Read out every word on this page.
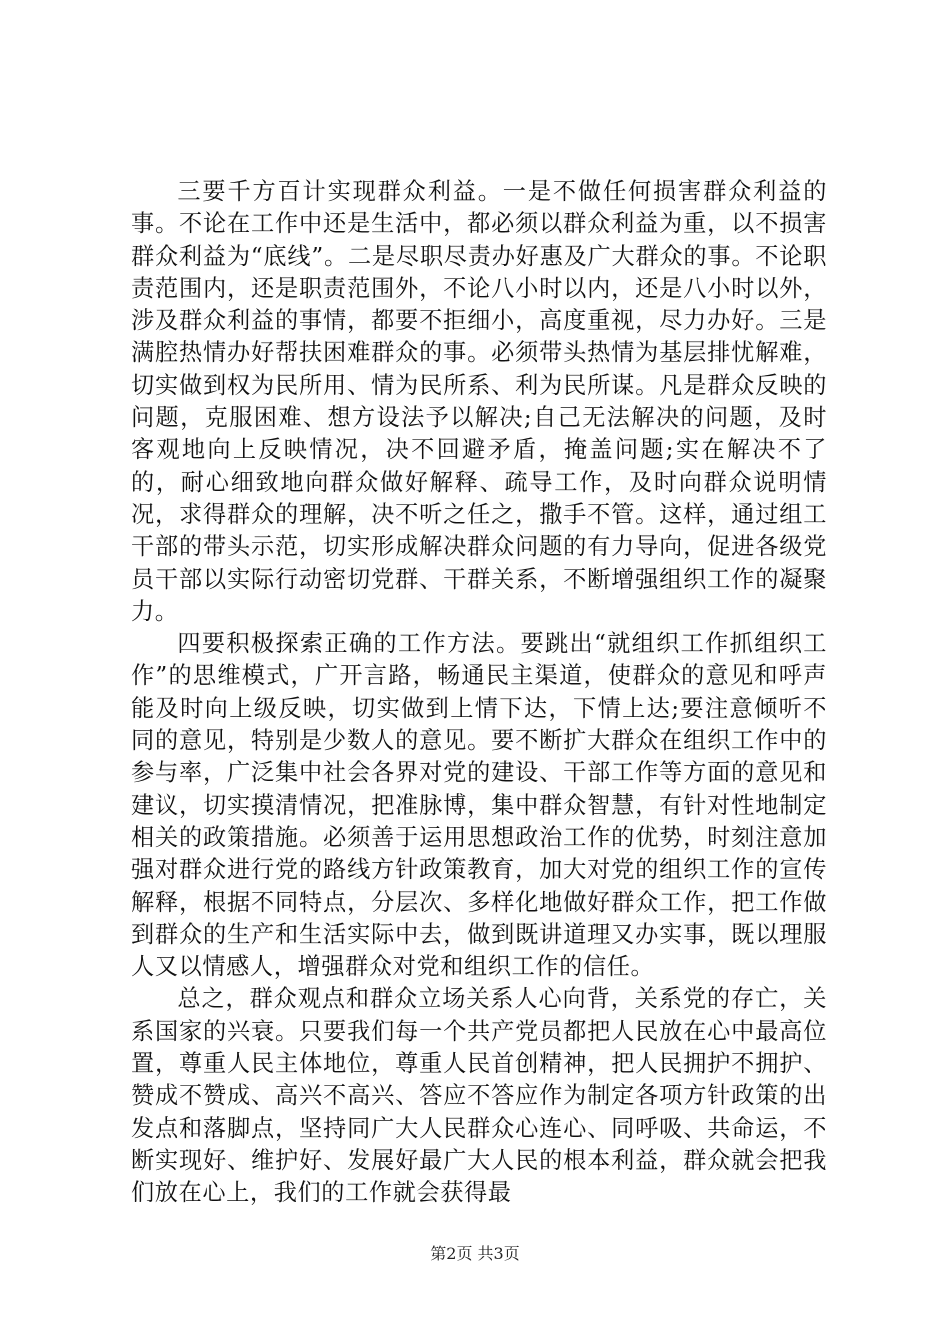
三要千方百计实现群众利益。一是不做任何损害群众利益的事。不论在工作中还是生活中，都必须以群众利益为重，以不损害群众利益为“底线”。二是尽职尽责办好惠及广大群众的事。不论职责范围内，还是职责范围外，不论八小时以内，还是八小时以外，涉及群众利益的事情，都要不拒细小，高度重视，尽力办好。三是满腔热情办好帮扶困难群众的事。必须带头热情为基层排忧解难，切实做到权为民所用、情为民所系、利为民所谋。凡是群众反映的问题，克服困难、想方设法予以解决;自己无法解决的问题，及时客观地向上反映情况，决不回避矛盾，掩盖问题;实在解决不了的，耐心细致地向群众做好解释、疏导工作，及时向群众说明情况，求得群众的理解，决不听之任之，撒手不管。这样，通过组工干部的带头示范，切实形成解决群众问题的有力导向，促进各级党员干部以实际行动密切党群、干群关系，不断增强组织工作的凝聚力。

四要积极探索正确的工作方法。要跳出“就组织工作抓组织工作”的思维模式，广开言路，畅通民主渠道，使群众的意见和呼声能及时向上级反映，切实做到上情下达，下情上达;要注意倾听不同的意见，特别是少数人的意见。要不断扩大群众在组织工作中的参与率，广泛集中社会各界对党的建设、干部工作等方面的意见和建议，切实摸清情况，把准脉博，集中群众智慧，有针对性地制定相关的政策措施。必须善于运用思想政治工作的优势，时刻注意加强对群众进行党的路线方针政策教育，加大对党的组织工作的宣传解释，根据不同特点，分层次、多样化地做好群众工作，把工作做到群众的生产和生活实际中去，做到既讲道理又办实事，既以理服人又以情感人，增强群众对党和组织工作的信任。

总之，群众观点和群众立场关系人心向背，关系党的存亡，关系国家的兴衰。只要我们每一个共产党员都把人民放在心中最高位置，尊重人民主体地位，尊重人民首创精神，把人民拥护不拥护、赞成不赞成、高兴不高兴、答应不答应作为制定各项方针政策的出发点和落脚点，坚持同广大人民群众心连心、同呼吸、共命运，不断实现好、维护好、发展好最广大人民的根本利益，群众就会把我们放在心上，我们的工作就会获得最

第2页 共3页
